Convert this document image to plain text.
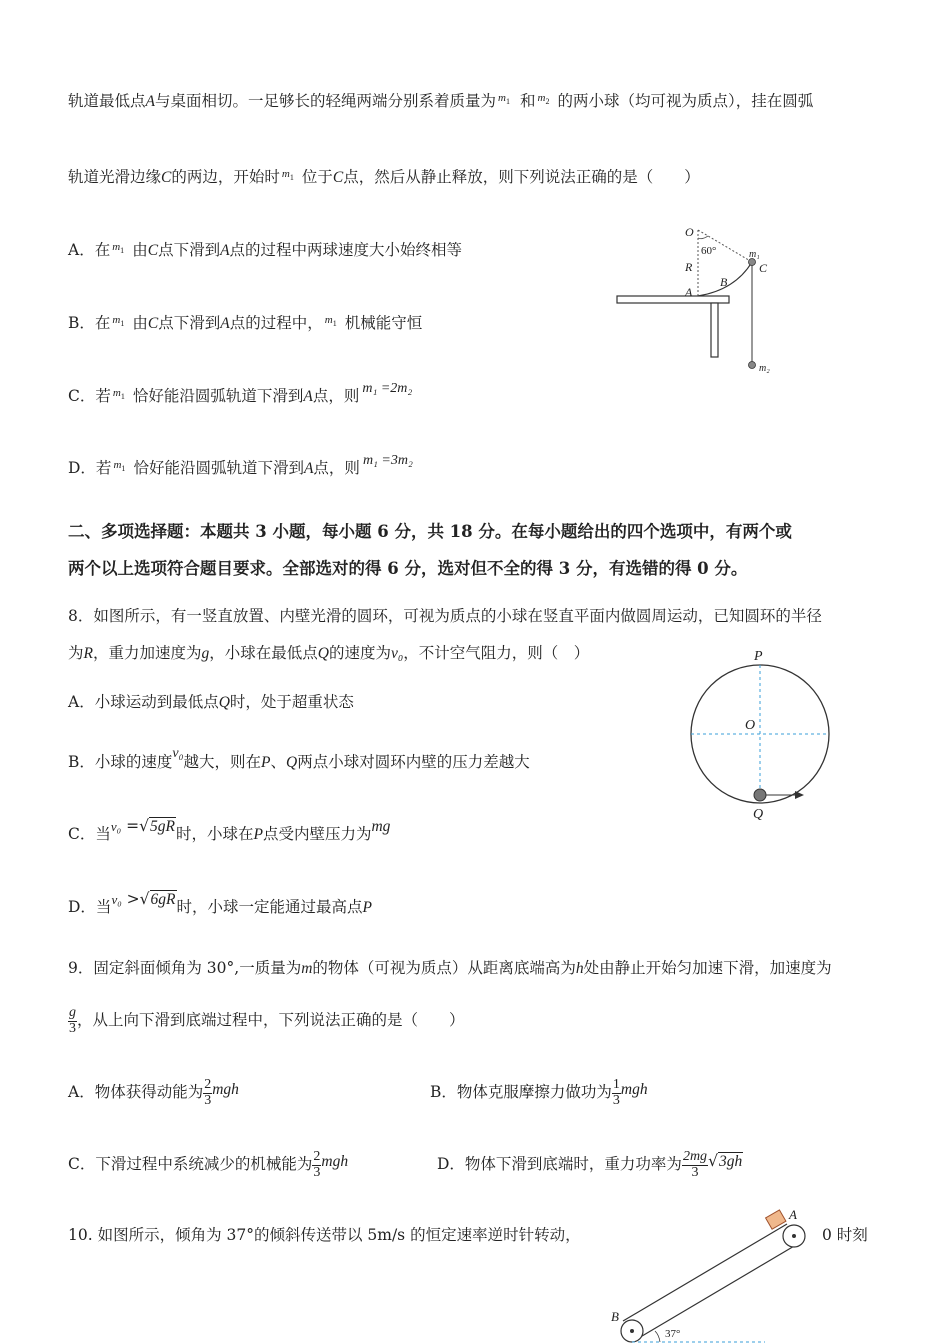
轨道最低点A与桌面相切。一足够长的轻绳两端分别系着质量为 $m_1$ 和 $m_2$ 的两小球（均可视为质点），挂在圆弧
轨道光滑边缘C的两边，开始时 $m_1$ 位于C点，然后从静止释放，则下列说法正确的是（　　）
A．在 $m_1$ 由C点下滑到A点的过程中两球速度大小始终相等
B．在 $m_1$ 由C点下滑到A点的过程中， $m_1$ 机械能守恒
C．若 $m_1$ 恰好能沿圆弧轨道下滑到A点，则 m₁ =2m₂
D．若 $m_1$ 恰好能沿圆弧轨道下滑到A点，则 m₁ =3m₂
O
60°	m₁
C
R
B
A
m₂
二、多项选择题：本题共 3 小题，每小题 6 分，共 18 分。在每小题给出的四个选项中，有两个或
两个以上选项符合题目要求。全部选对的得 6 分，选对但不全的得 3 分，有选错的得 0 分。
8．如图所示，有一竖直放置、内壁光滑的圆环，可视为质点的小球在竖直平面内做圆周运动，已知圆环的半径
为R，重力加速度为g，小球在最低点Q的速度为v₀，不计空气阻力，则（　）
A．小球运动到最低点Q时，处于超重状态
B．小球的速度v₀越大，则在P、Q两点小球对圆环内壁的压力差越大
C．当$^{v_0}$ =√5gR时，小球在P点受内壁压力为mg
D．当$^{v_0}$ >√6gR时，小球一定能通过最高点P
P
O
Q
9．固定斜面倾角为 30°,一质量为m的物体（可视为质点）从距离底端高为h处由静止开始匀加速下滑，加速度为
$\frac{g}{3}$ ，从上向下滑到底端过程中，下列说法正确的是（　　）
A．物体获得动能为 $\frac{2}{3}$ mgh	B．物体克服摩擦力做功为 $\frac{1}{3}$ mgh
C．下滑过程中系统减少的机械能为 $\frac{2}{3}$ mgh	D．物体下滑到底端时，重力功率为 $\frac{2mg}{3} √3gh$
10. 如图所示，倾角为 37°的倾斜传送带以 5m/s 的恒定速率逆时针转动，	0 时刻
A
B
37°
